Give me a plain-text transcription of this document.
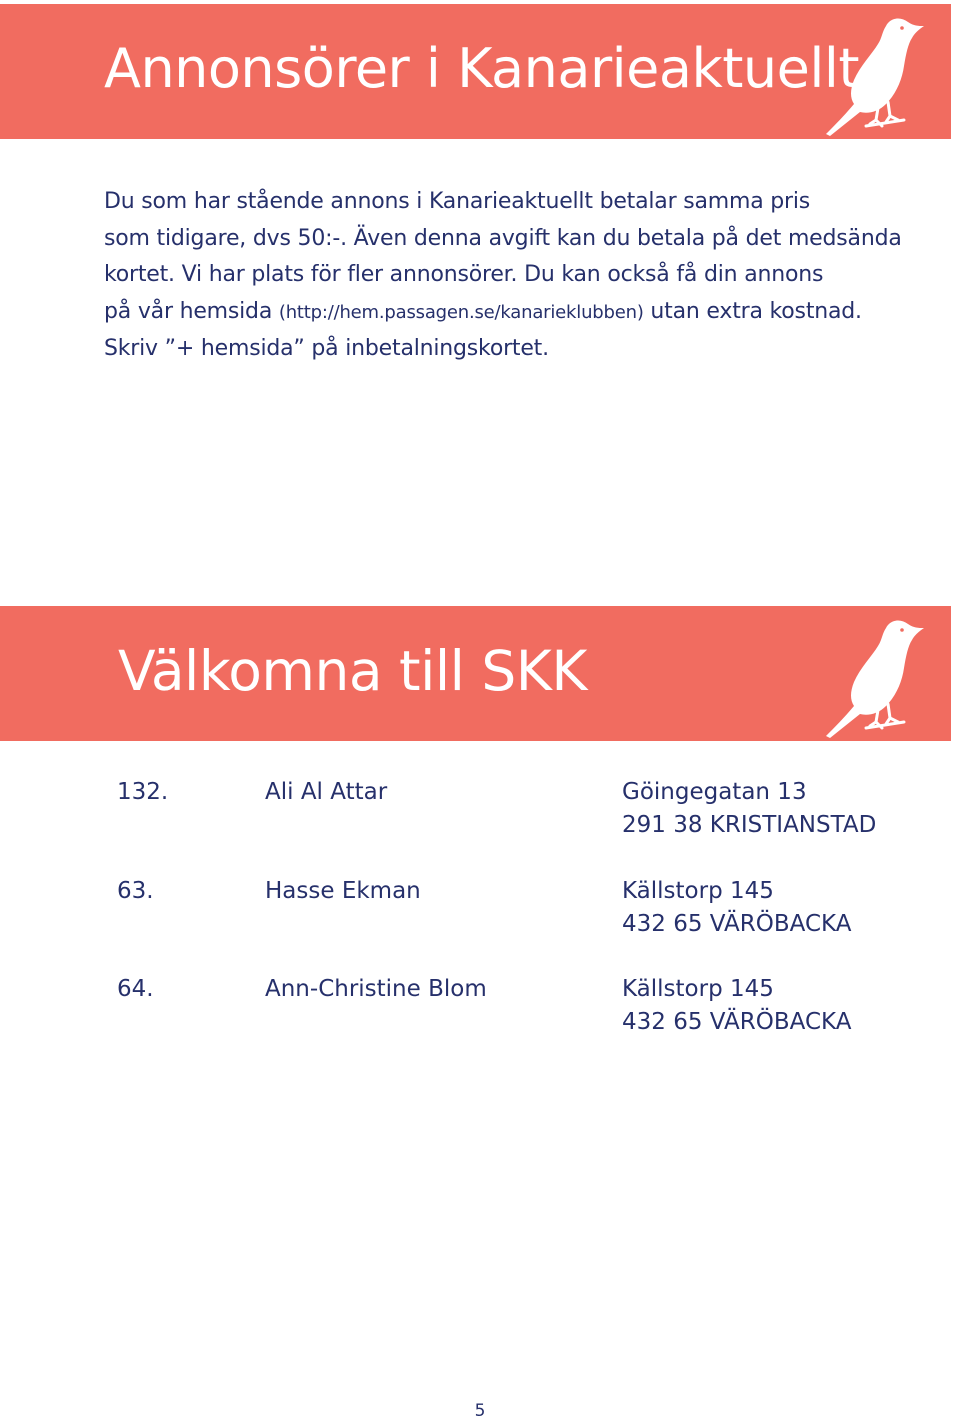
Annonsörer i Kanarieaktuellt

Du som har stående annons i Kanarieaktuellt betalar samma pris
som tidigare, dvs 50:-. Även denna avgift kan du betala på det medsända
kortet. Vi har plats för fler annonsörer. Du kan också få din annons
på vår hemsida (http://hem.passagen.se/kanarieklubben) utan extra kostnad.
Skriv ”+ hemsida” på inbetalningskortet.

Välkomna till SKK
132.	Ali Al Attar	Göingegatan 13
291 38 KRISTIANSTAD
63.	Hasse Ekman	Källstorp 145
432 65 VÄRÖBACKA
64.	Ann-Christine Blom	Källstorp 145
432 65 VÄRÖBACKA
5
